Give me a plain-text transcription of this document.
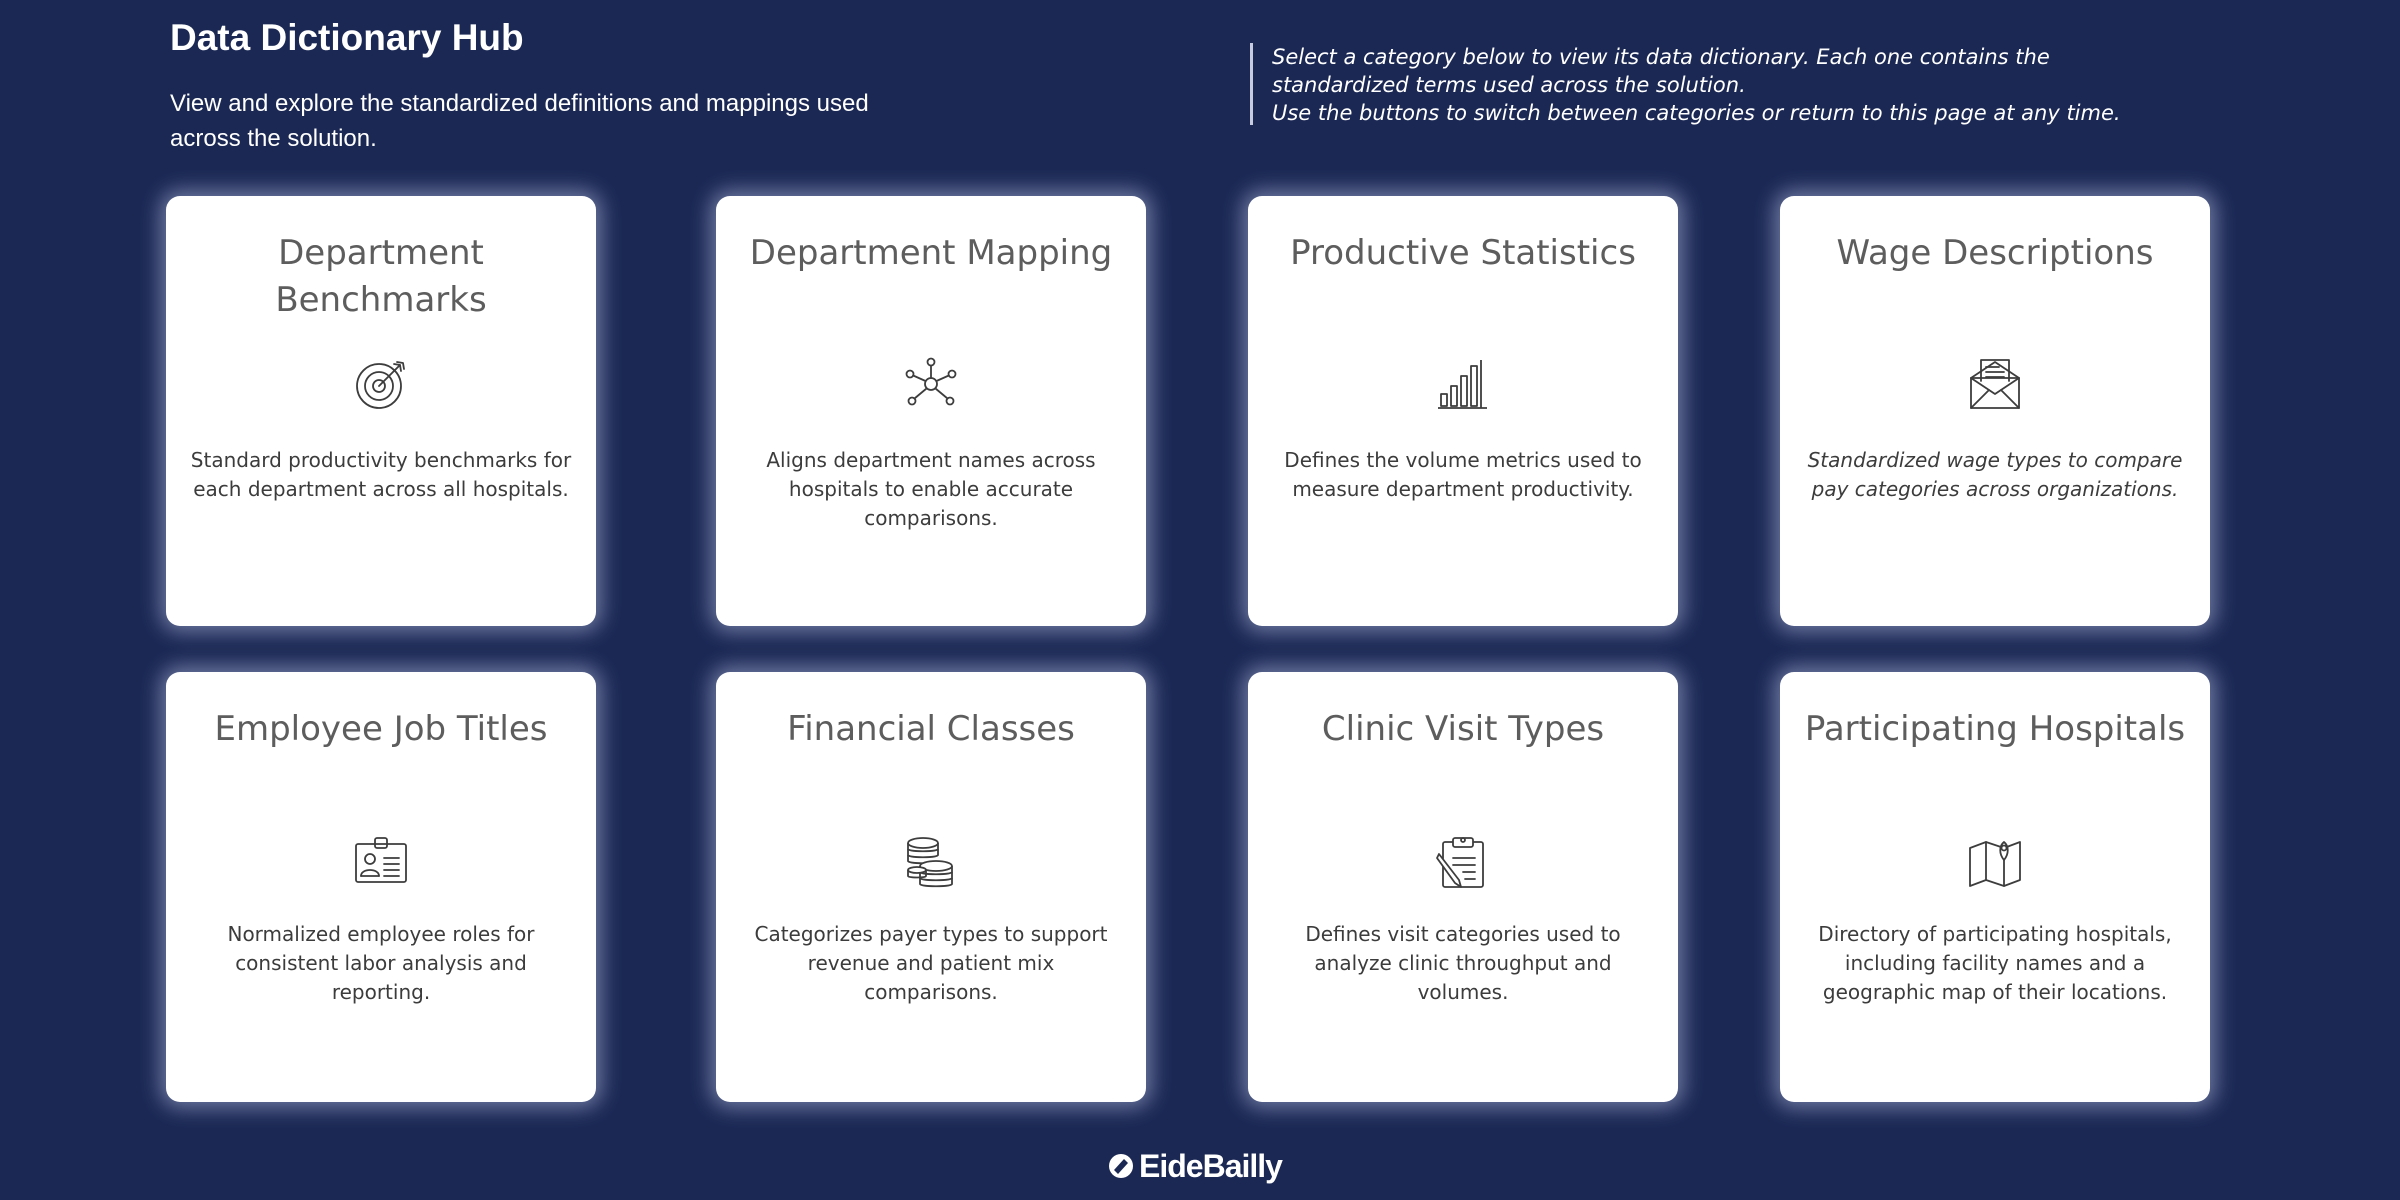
Data Dictionary Hub

View and explore the standardized definitions and mappings used across the solution.

Select a category below to view its data dictionary. Each one contains the standardized terms used across the solution.

Use the buttons to switch between categories or return to this page at any time.

Department Benchmarks
Standard productivity benchmarks for each department across all hospitals.
Department Mapping
Aligns department names across hospitals to enable accurate comparisons.
Productive Statistics
Defines the volume metrics used to measure department productivity.
Wage Descriptions
Standardized wage types to compare pay categories across organizations.
Employee Job Titles
Normalized employee roles for consistent labor analysis and reporting.
Financial Classes
Categorizes payer types to support revenue and patient mix comparisons.
Clinic Visit Types
Defines visit categories used to analyze clinic throughput and volumes.
Participating Hospitals
Directory of participating hospitals, including facility names and a geographic map of their locations.
EideBailly
